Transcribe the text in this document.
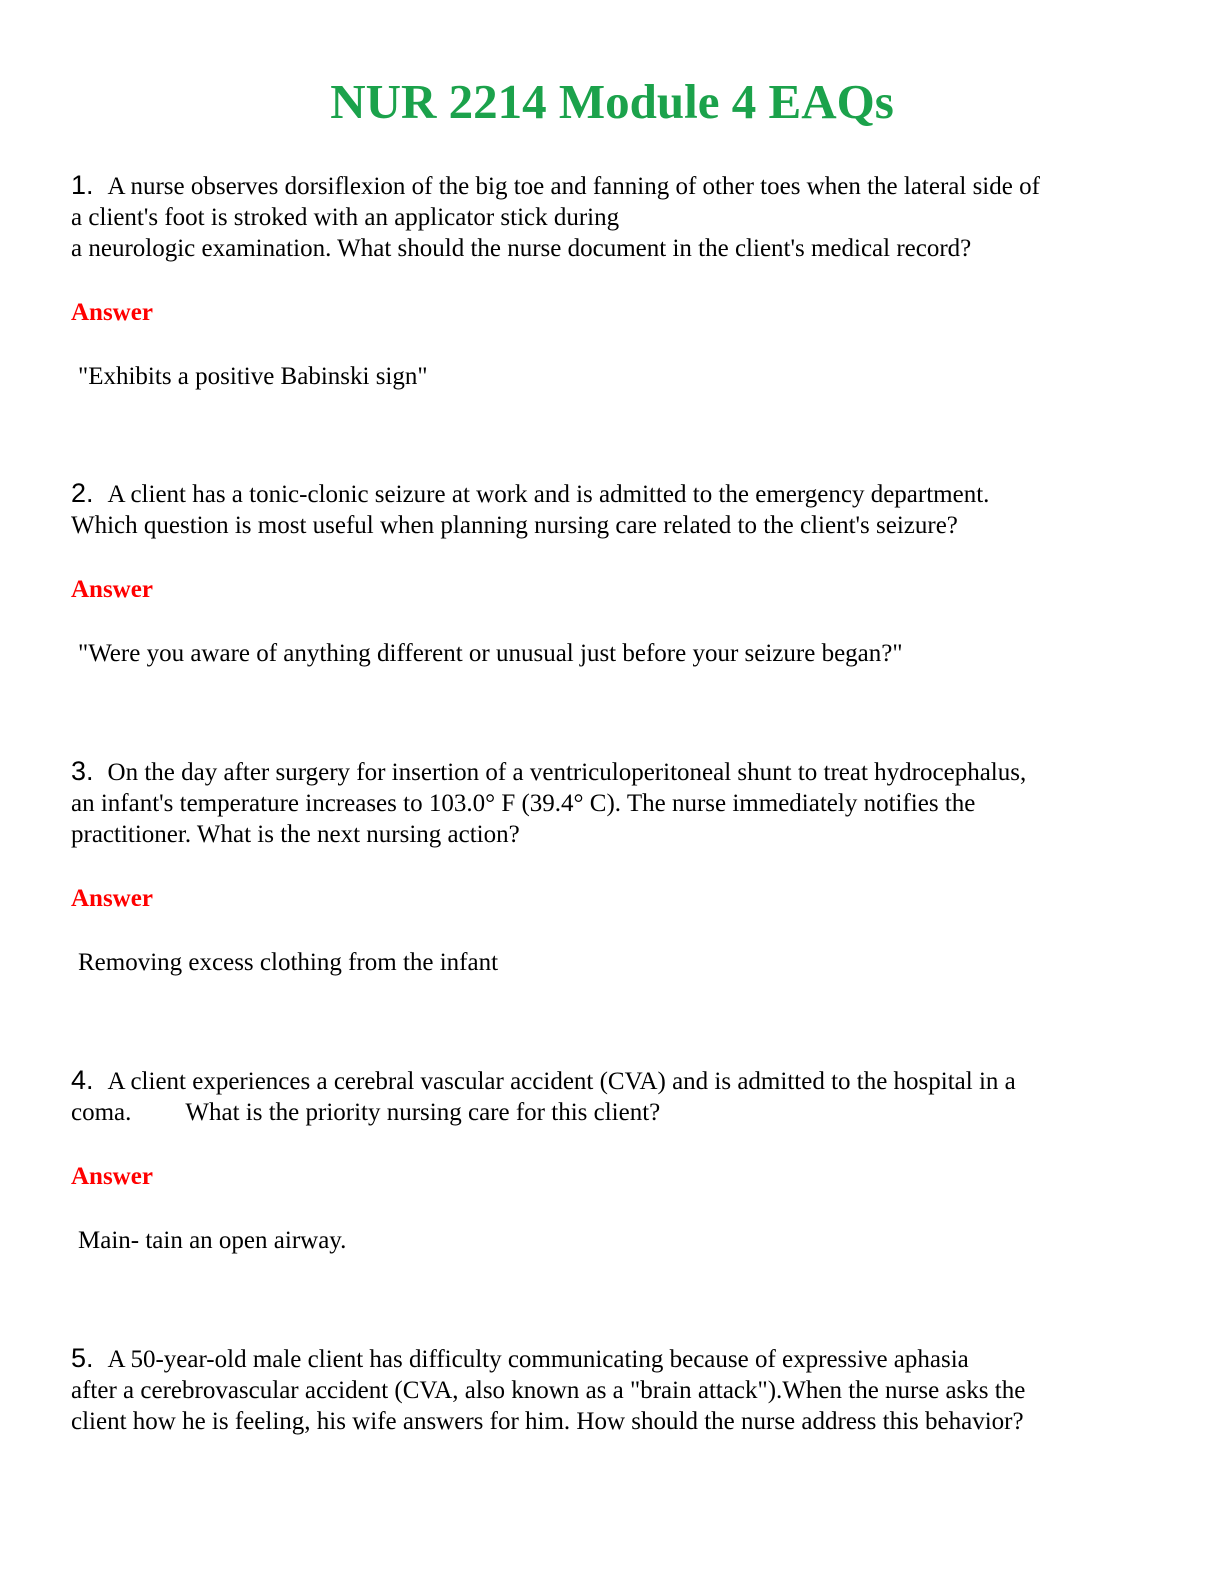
NUR 2214 Module 4 EAQs

1. A nurse observes dorsiflexion of the big toe and fanning of other toes when the lateral side of
a client's foot is stroked with an applicator stick during
a neurologic examination. What should the nurse document in the client's medical record?

Answer

"Exhibits a positive Babinski sign"

2. A client has a tonic-clonic seizure at work and is admitted to the emergency department.
Which question is most useful when planning nursing care related to the client's seizure?

Answer

"Were you aware of anything different or unusual just before your seizure began?"

3. On the day after surgery for insertion of a ventriculoperitoneal shunt to treat hydrocephalus,
an infant's temperature increases to 103.0° F (39.4° C). The nurse immediately notifies the
practitioner. What is the next nursing action?

Answer

Removing excess clothing from the infant

4. A client experiences a cerebral vascular accident (CVA) and is admitted to the hospital in a
coma. What is the priority nursing care for this client?

Answer

Main- tain an open airway.

5. A 50-year-old male client has difficulty communicating because of expressive aphasia
after a cerebrovascular accident (CVA, also known as a "brain attack").When the nurse asks the
client how he is feeling, his wife answers for him. How should the nurse address this behavior?
